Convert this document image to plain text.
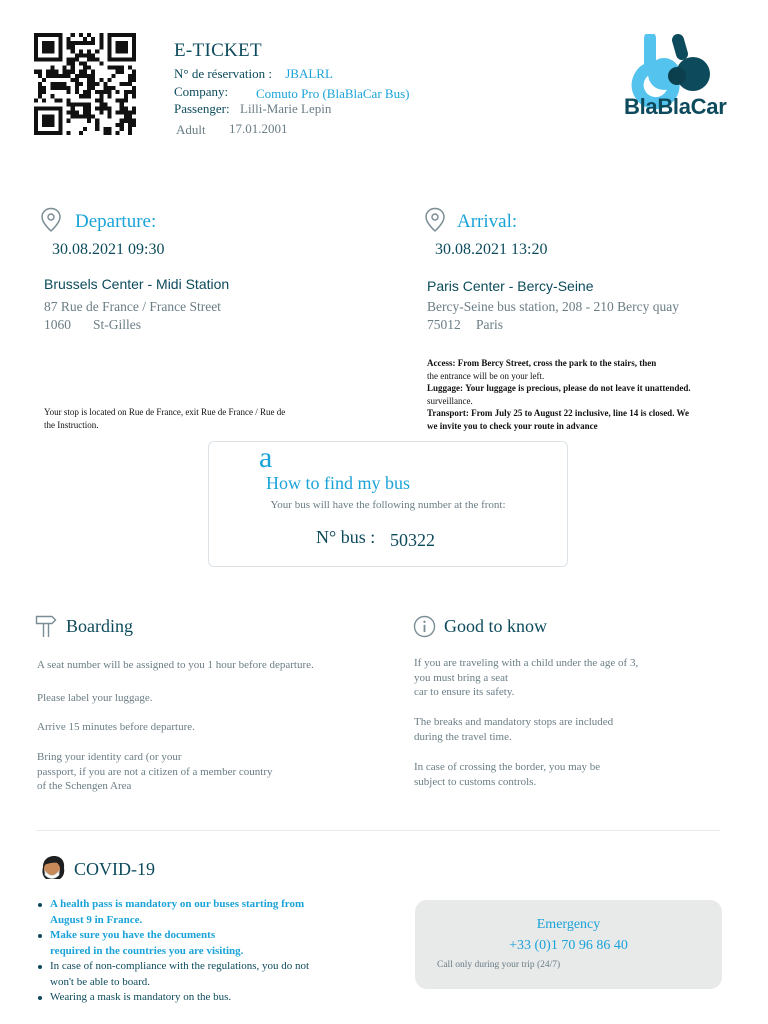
E-TICKET
N° de réservation : JBALRL
Company: Comuto Pro (BlaBlaCar Bus)
Passenger: Lilli-Marie Lepin
Adult 17.01.2001
BlaBlaCar
Departure:
30.08.2021 09:30
Brussels Center - Midi Station
87 Rue de France / France Street
1060 St-Gilles
Your stop is located on Rue de France, exit Rue de France / Rue de
the Instruction.
Arrival:
30.08.2021 13:20
Paris Center - Bercy-Seine
Bercy-Seine bus station, 208 - 210 Bercy quay
75012 Paris
Access: From Bercy Street, cross the park to the stairs, then
the entrance will be on your left.
Luggage: Your luggage is precious, please do not leave it unattended.
surveillance.
Transport: From July 25 to August 22 inclusive, line 14 is closed. We
we invite you to check your route in advance
a
How to find my bus
Your bus will have the following number at the front:
N° bus : 50322
Boarding
A seat number will be assigned to you 1 hour before departure.
Please label your luggage.
Arrive 15 minutes before departure.
Bring your identity card (or your
passport, if you are not a citizen of a member country
of the Schengen Area
Good to know
If you are traveling with a child under the age of 3,
you must bring a seat
car to ensure its safety.
The breaks and mandatory stops are included
during the travel time.
In case of crossing the border, you may be
subject to customs controls.
COVID-19
A health pass is mandatory on our buses starting from
August 9 in France.
Make sure you have the documents
required in the countries you are visiting.
In case of non-compliance with the regulations, you do not
won't be able to board.
Wearing a mask is mandatory on the bus.
Emergency
+33 (0)1 70 96 86 40
Call only during your trip (24/7)
